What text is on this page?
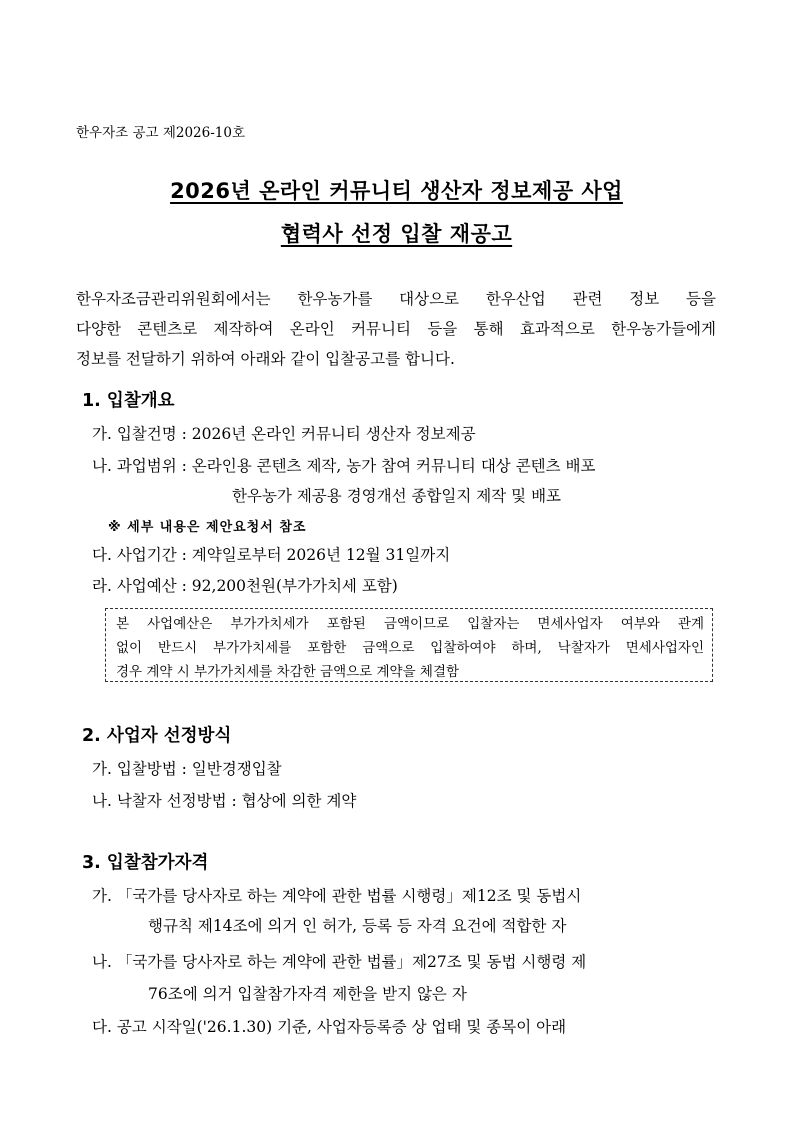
한우자조 공고 제2026-10호
2026년 온라인 커뮤니티 생산자 정보제공 사업
협력사 선정 입찰 재공고
한우자조금관리위원회에서는 한우농가를 대상으로 한우산업 관련 정보 등을
다양한 콘텐츠로 제작하여 온라인 커뮤니티 등을 통해 효과적으로 한우농가들에게
정보를 전달하기 위하여 아래와 같이 입찰공고를 합니다.
1. 입찰개요
가. 입찰건명 : 2026년 온라인 커뮤니티 생산자 정보제공
나. 과업범위 : 온라인용 콘텐츠 제작, 농가 참여 커뮤니티 대상 콘텐츠 배포
한우농가 제공용 경영개선 종합일지 제작 및 배포
※ 세부 내용은 제안요청서 참조
다. 사업기간 : 계약일로부터 2026년 12월 31일까지
라. 사업예산 : 92,200천원(부가가치세 포함)
본 사업예산은 부가가치세가 포함된 금액이므로 입찰자는 면세사업자 여부와 관계
없이 반드시 부가가치세를 포함한 금액으로 입찰하여야 하며, 낙찰자가 면세사업자인
경우 계약 시 부가가치세를 차감한 금액으로 계약을 체결함
2. 사업자 선정방식
가. 입찰방법 : 일반경쟁입찰
나. 낙찰자 선정방법 : 협상에 의한 계약
3. 입찰참가자격
가. 「국가를 당사자로 하는 계약에 관한 법률 시행령」제12조 및 동법시
행규칙 제14조에 의거 인 허가, 등록 등 자격 요건에 적합한 자
나. 「국가를 당사자로 하는 계약에 관한 법률」제27조 및 동법 시행령 제
76조에 의거 입찰참가자격 제한을 받지 않은 자
다. 공고 시작일('26.1.30) 기준, 사업자등록증 상 업태 및 종목이 아래
